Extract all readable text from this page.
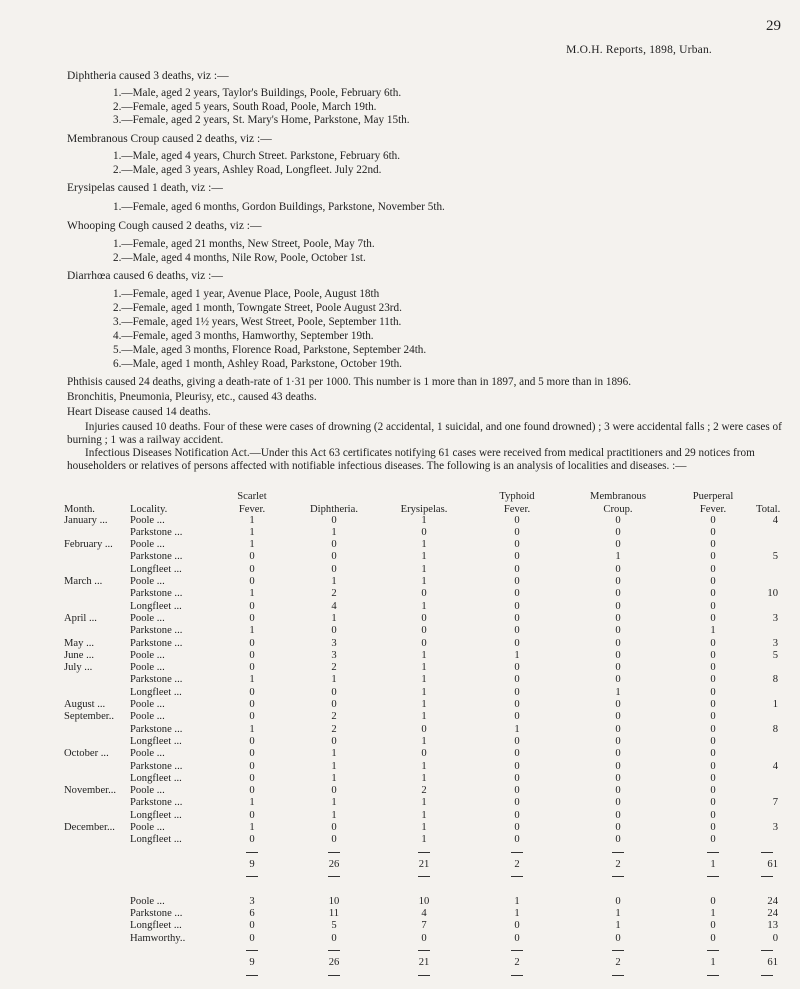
29
M.O.H. Reports, 1898, Urban.
Diphtheria caused 3 deaths, viz :—
1.—Male, aged 2 years, Taylor's Buildings, Poole, February 6th.
2.—Female, aged 5 years, South Road, Poole, March 19th.
3.—Female, aged 2 years, St. Mary's Home, Parkstone, May 15th.
Membranous Croup caused 2 deaths, viz :—
1.—Male, aged 4 years, Church Street. Parkstone, February 6th.
2.—Male, aged 3 years, Ashley Road, Longfleet. July 22nd.
Erysipelas caused 1 death, viz :—
1.—Female, aged 6 months, Gordon Buildings, Parkstone, November 5th.
Whooping Cough caused 2 deaths, viz :—
1.—Female, aged 21 months, New Street, Poole, May 7th.
2.—Male, aged 4 months, Nile Row, Poole, October 1st.
Diarrhœa caused 6 deaths, viz :—
1.—Female, aged 1 year, Avenue Place, Poole, August 18th
2.—Female, aged 1 month, Towngate Street, Poole August 23rd.
3.—Female, aged 1½ years, West Street, Poole, September 11th.
4.—Female, aged 3 months, Hamworthy, September 19th.
5.—Male, aged 3 months, Florence Road, Parkstone, September 24th.
6.—Male, aged 1 month, Ashley Road, Parkstone, October 19th.
Phthisis caused 24 deaths, giving a death-rate of 1·31 per 1000. This number is 1 more than in 1897, and 5 more than in 1896.
Bronchitis, Pneumonia, Pleurisy, etc., caused 43 deaths.
Heart Disease caused 14 deaths.
Injuries caused 10 deaths. Four of these were cases of drowning (2 accidental, 1 suicidal, and one found drowned) ; 3 were accidental falls ; 2 were cases of burning ; 1 was a railway accident.
Infectious Diseases Notification Act.—Under this Act 63 certificates notifying 61 cases were received from medical practitioners and 29 notices from householders or relatives of persons affected with notifiable infectious diseases. The following is an analysis of localities and diseases. :—
		Scarlet			Typhoid	Membranous	Puerperal	
Month.	Locality.	Fever.	Diphtheria.	Erysipelas.	Fever.	Croup.	Fever.	Total.
January ...	Poole ...	1	0	1	0	0	0	4
	Parkstone ...	1	1	0	0	0	0	
February ...	Poole ...	1	0	1	0	0	0	
	Parkstone ...	0	0	1	0	1	0	5
	Longfleet ...	0	0	1	0	0	0	
March ...	Poole ...	0	1	1	0	0	0	
	Parkstone ...	1	2	0	0	0	0	10
	Longfleet ...	0	4	1	0	0	0	
April ...	Poole ...	0	1	0	0	0	0	3
	Parkstone ...	1	0	0	0	0	1	
May ...	Parkstone ...	0	3	0	0	0	0	3
June ...	Poole ...	0	3	1	1	0	0	5
July ...	Poole ...	0	2	1	0	0	0	
	Parkstone ...	1	1	1	0	0	0	8
	Longfleet ...	0	0	1	0	1	0	
August ...	Poole ...	0	0	1	0	0	0	1
September..	Poole ...	0	2	1	0	0	0	
	Parkstone ...	1	2	0	1	0	0	8
	Longfleet ...	0	0	1	0	0	0	
October ...	Poole ...	0	1	0	0	0	0	
	Parkstone ...	0	1	1	0	0	0	4
	Longfleet ...	0	1	1	0	0	0	
November...	Poole ...	0	0	2	0	0	0	
	Parkstone ...	1	1	1	0	0	0	7
	Longfleet ...	0	1	1	0	0	0	
December...	Poole ...	1	0	1	0	0	0	3
	Longfleet ...	0	0	1	0	0	0	

		9	26	21	2	2	1	61

	Poole ...	3	10	10	1	0	0	24
	Parkstone ...	6	11	4	1	1	1	24
	Longfleet ...	0	5	7	0	1	0	13
	Hamworthy..	0	0	0	0	0	0	0

		9	26	21	2	2	1	61
